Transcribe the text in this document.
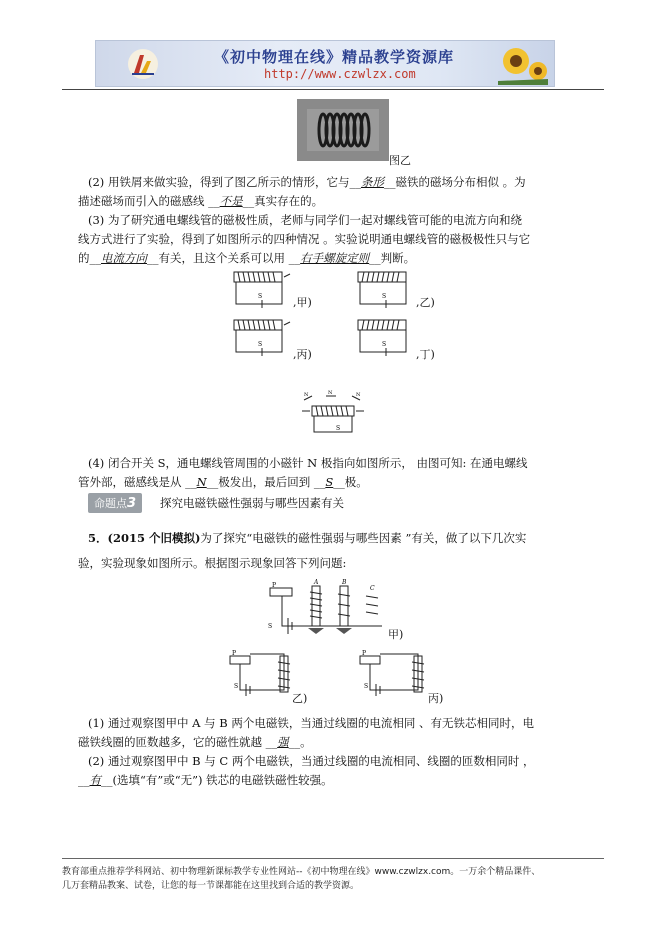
《初中物理在线》精品教学资源库
http://www.czwlzx.com
图乙
(2) 用铁屑来做实验，得到了图乙所示的情形，它与__条形__磁铁的磁场分布相似 。为
描述磁场而引入的磁感线 __不是__真实存在的。
(3) 为了研究通电螺线管的磁极性质，老师与同学们一起对螺线管可能的电流方向和绕
线方式进行了实验，得到了如图所示的四种情况 。实验说明通电螺线管的磁极极性只与它
的__电流方向__有关，且这个关系可以用 __右手螺旋定则__判断。
S	,甲)	S	,乙)
S
,丙)
S
,丁)
N	N	N
S
(4) 闭合开关 S，通电螺线管周围的小磁针 N 极指向如图所示， 由图可知: 在通电螺线
管外部，磁感线是从 __N__极发出，最后回到 __S__极。
命题点3	探究电磁铁磁性强弱与哪些因素有关
5．(2015 个旧模拟)为了探究“电磁铁的磁性强弱与哪些因素 ”有关，做了以下几次实
验，实验现象如图所示。根据图示现象回答下列问题:
P
S
A	B
C
甲)
P
S
乙)
P
S
丙)
(1) 通过观察图甲中 A 与 B 两个电磁铁，当通过线圈的电流相同 、有无铁芯相同时，电
磁铁线圈的匝数越多，它的磁性就越 __强__。
(2) 通过观察图甲中 B 与 C 两个电磁铁，当通过线圈的电流相同、线圈的匝数相同时 ，
__有__(选填“有”或“无”) 铁芯的电磁铁磁性较强。
教育部重点推荐学科网站、初中物理新课标教学专业性网站--《初中物理在线》www.czwlzx.com。一万余个精品课件、
几万套精品教案、试卷，让您的每一节课都能在这里找到合适的教学资源。
